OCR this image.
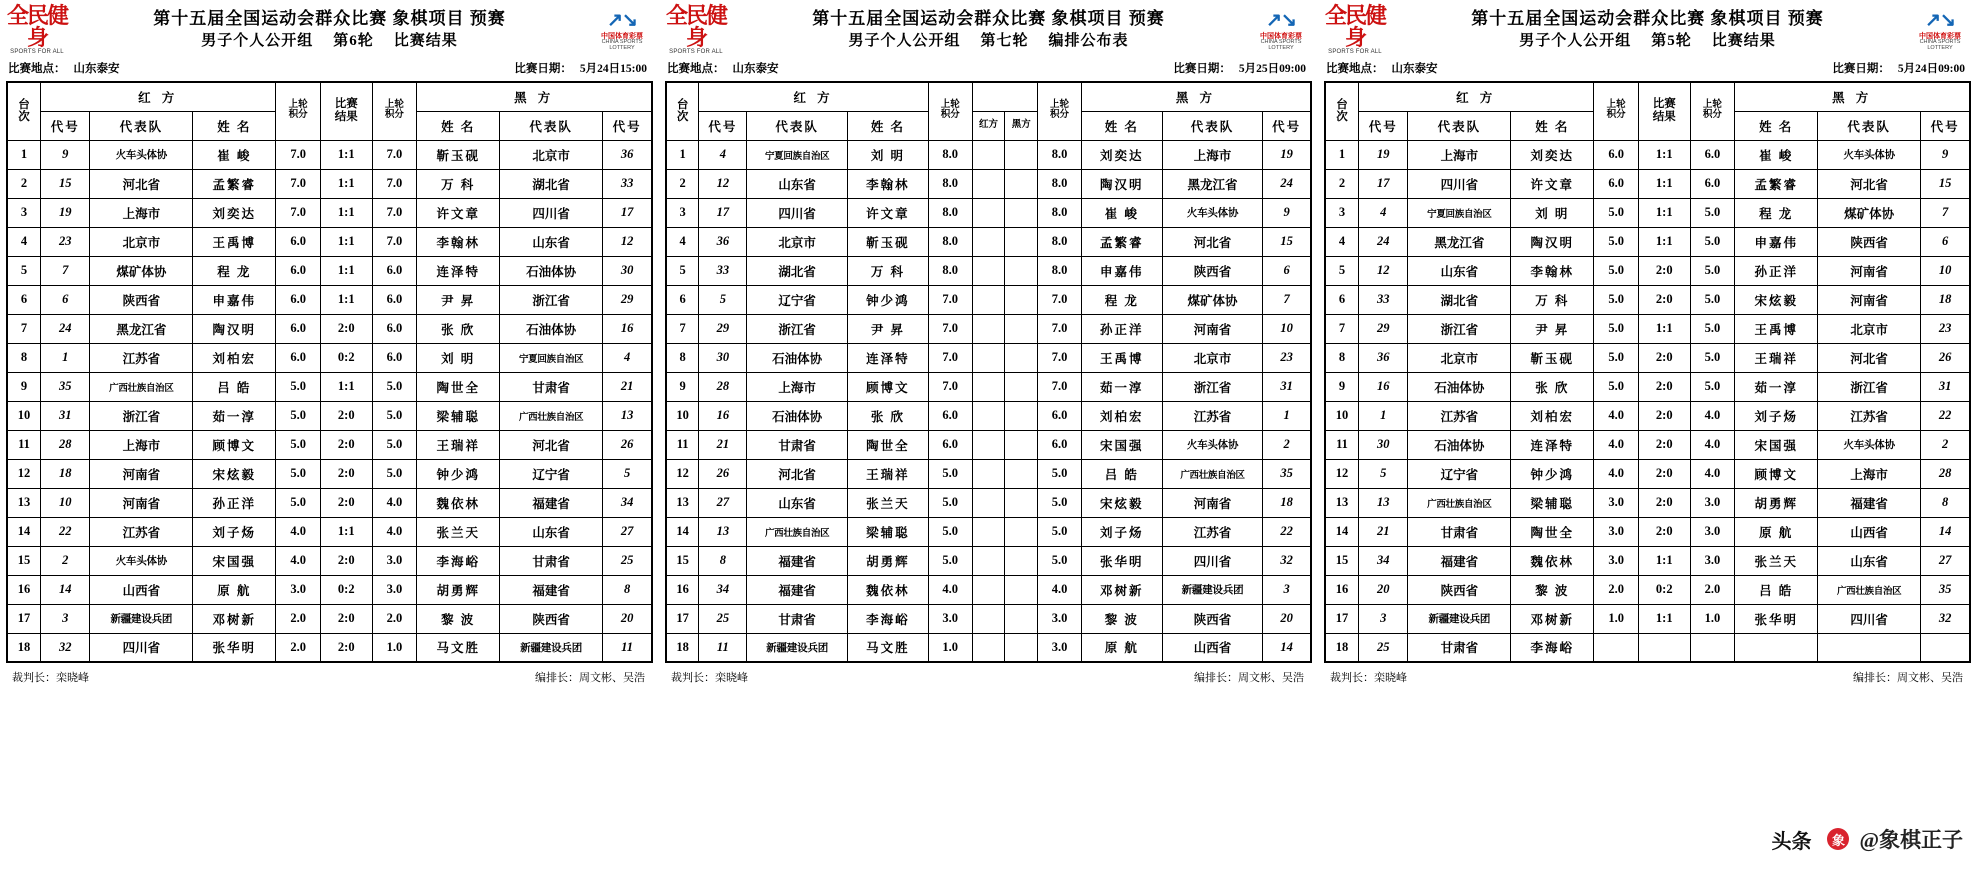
全民健身
SPORTS FOR ALL
第十五届全国运动会群众比赛 象棋项目 预赛
男子个人公开组 第6轮 比赛结果
↗↘
中国体育彩票
CHINA SPORTS LOTTERY
比赛地点： 山东泰安	比赛日期： 5月24日15:00
台
次	红 方			上轮
积分	比赛
结果	上轮
积分	黑 方		
	代号	代表队	姓 名				姓 名	代表队	代号
1	9	火车头体协	崔 峻	7.0	1:1	7.0	靳玉砚	北京市	36
2	15	河北省	孟繁睿	7.0	1:1	7.0	万 科	湖北省	33
3	19	上海市	刘奕达	7.0	1:1	7.0	许文章	四川省	17
4	23	北京市	王禹博	6.0	1:1	7.0	李翰林	山东省	12
5	7	煤矿体协	程 龙	6.0	1:1	6.0	连泽特	石油体协	30
6	6	陕西省	申嘉伟	6.0	1:1	6.0	尹 昇	浙江省	29
7	24	黑龙江省	陶汉明	6.0	2:0	6.0	张 欣	石油体协	16
8	1	江苏省	刘柏宏	6.0	0:2	6.0	刘 明	宁夏回族自治区	4
9	35	广西壮族自治区	吕 皓	5.0	1:1	5.0	陶世全	甘肃省	21
10	31	浙江省	茹一淳	5.0	2:0	5.0	梁辅聪	广西壮族自治区	13
11	28	上海市	顾博文	5.0	2:0	5.0	王瑞祥	河北省	26
12	18	河南省	宋炫毅	5.0	2:0	5.0	钟少鸿	辽宁省	5
13	10	河南省	孙正洋	5.0	2:0	4.0	魏依林	福建省	34
14	22	江苏省	刘子炀	4.0	1:1	4.0	张兰天	山东省	27
15	2	火车头体协	宋国强	4.0	2:0	3.0	李海峪	甘肃省	25
16	14	山西省	原 航	3.0	0:2	3.0	胡勇辉	福建省	8
17	3	新疆建设兵团	邓树新	2.0	2:0	2.0	黎 波	陕西省	20
18	32	四川省	张华明	2.0	2:0	1.0	马文胜	新疆建设兵团	11
裁判长：栾晓峰	编排长：周文彬、吴浩
全民健身
SPORTS FOR ALL
第十五届全国运动会群众比赛 象棋项目 预赛
男子个人公开组 第七轮 编排公布表
↗↘
中国体育彩票
CHINA SPORTS LOTTERY
比赛地点： 山东泰安	比赛日期： 5月25日09:00
台
次	红 方			上轮
积分			上轮
积分	黑 方		
	代号	代表队	姓 名		红方	黑方		姓 名	代表队	代号
1	4	宁夏回族自治区	刘 明	8.0			8.0	刘奕达	上海市	19
2	12	山东省	李翰林	8.0			8.0	陶汉明	黑龙江省	24
3	17	四川省	许文章	8.0			8.0	崔 峻	火车头体协	9
4	36	北京市	靳玉砚	8.0			8.0	孟繁睿	河北省	15
5	33	湖北省	万 科	8.0			8.0	申嘉伟	陕西省	6
6	5	辽宁省	钟少鸿	7.0			7.0	程 龙	煤矿体协	7
7	29	浙江省	尹 昇	7.0			7.0	孙正洋	河南省	10
8	30	石油体协	连泽特	7.0			7.0	王禹博	北京市	23
9	28	上海市	顾博文	7.0			7.0	茹一淳	浙江省	31
10	16	石油体协	张 欣	6.0			6.0	刘柏宏	江苏省	1
11	21	甘肃省	陶世全	6.0			6.0	宋国强	火车头体协	2
12	26	河北省	王瑞祥	5.0			5.0	吕 皓	广西壮族自治区	35
13	27	山东省	张兰天	5.0			5.0	宋炫毅	河南省	18
14	13	广西壮族自治区	梁辅聪	5.0			5.0	刘子炀	江苏省	22
15	8	福建省	胡勇辉	5.0			5.0	张华明	四川省	32
16	34	福建省	魏依林	4.0			4.0	邓树新	新疆建设兵团	3
17	25	甘肃省	李海峪	3.0			3.0	黎 波	陕西省	20
18	11	新疆建设兵团	马文胜	1.0			3.0	原 航	山西省	14
裁判长：栾晓峰	编排长：周文彬、吴浩
全民健身
SPORTS FOR ALL
第十五届全国运动会群众比赛 象棋项目 预赛
男子个人公开组 第5轮 比赛结果
↗↘
中国体育彩票
CHINA SPORTS LOTTERY
比赛地点： 山东泰安	比赛日期： 5月24日09:00
台
次	红 方			上轮
积分	比赛
结果	上轮
积分	黑 方		
	代号	代表队	姓 名				姓 名	代表队	代号
1	19	上海市	刘奕达	6.0	1:1	6.0	崔 峻	火车头体协	9
2	17	四川省	许文章	6.0	1:1	6.0	孟繁睿	河北省	15
3	4	宁夏回族自治区	刘 明	5.0	1:1	5.0	程 龙	煤矿体协	7
4	24	黑龙江省	陶汉明	5.0	1:1	5.0	申嘉伟	陕西省	6
5	12	山东省	李翰林	5.0	2:0	5.0	孙正洋	河南省	10
6	33	湖北省	万 科	5.0	2:0	5.0	宋炫毅	河南省	18
7	29	浙江省	尹 昇	5.0	1:1	5.0	王禹博	北京市	23
8	36	北京市	靳玉砚	5.0	2:0	5.0	王瑞祥	河北省	26
9	16	石油体协	张 欣	5.0	2:0	5.0	茹一淳	浙江省	31
10	1	江苏省	刘柏宏	4.0	2:0	4.0	刘子炀	江苏省	22
11	30	石油体协	连泽特	4.0	2:0	4.0	宋国强	火车头体协	2
12	5	辽宁省	钟少鸿	4.0	2:0	4.0	顾博文	上海市	28
13	13	广西壮族自治区	梁辅聪	3.0	2:0	3.0	胡勇辉	福建省	8
14	21	甘肃省	陶世全	3.0	2:0	3.0	原 航	山西省	14
15	34	福建省	魏依林	3.0	1:1	3.0	张兰天	山东省	27
16	20	陕西省	黎 波	2.0	0:2	2.0	吕 皓	广西壮族自治区	35
17	3	新疆建设兵团	邓树新	1.0	1:1	1.0	张华明	四川省	32
18	25	甘肃省	李海峪						
裁判长：栾晓峰	编排长：周文彬、吴浩
头条	象 @象棋正子
